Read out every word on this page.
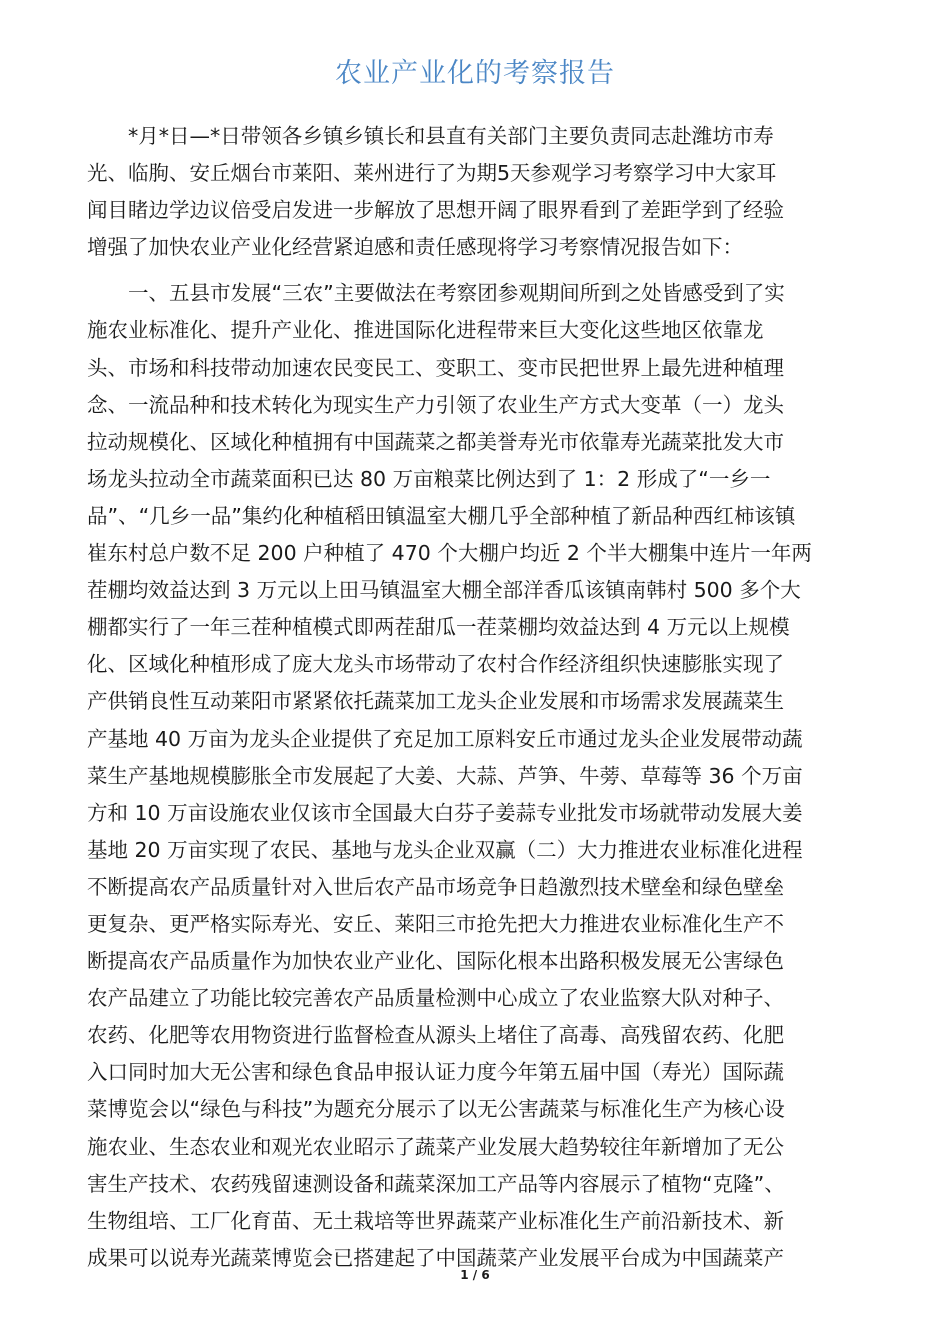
农业产业化的考察报告

*月*日—*日带领各乡镇乡镇长和县直有关部门主要负责同志赴潍坊市寿
光、临朐、安丘烟台市莱阳、莱州进行了为期5天参观学习考察学习中大家耳
闻目睹边学边议倍受启发进一步解放了思想开阔了眼界看到了差距学到了经验
增强了加快农业产业化经营紧迫感和责任感现将学习考察情况报告如下：

一、五县市发展“三农”主要做法在考察团参观期间所到之处皆感受到了实
施农业标准化、提升产业化、推进国际化进程带来巨大变化这些地区依靠龙
头、市场和科技带动加速农民变民工、变职工、变市民把世界上最先进种植理
念、一流品种和技术转化为现实生产力引领了农业生产方式大变革（一）龙头
拉动规模化、区域化种植拥有中国蔬菜之都美誉寿光市依靠寿光蔬菜批发大市
场龙头拉动全市蔬菜面积已达 80 万亩粮菜比例达到了 1：2 形成了“一乡一
品”、“几乡一品”集约化种植稻田镇温室大棚几乎全部种植了新品种西红柿该镇
崔东村总户数不足 200 户种植了 470 个大棚户均近 2 个半大棚集中连片一年两
茬棚均效益达到 3 万元以上田马镇温室大棚全部洋香瓜该镇南韩村 500 多个大
棚都实行了一年三茬种植模式即两茬甜瓜一茬菜棚均效益达到 4 万元以上规模
化、区域化种植形成了庞大龙头市场带动了农村合作经济组织快速膨胀实现了
产供销良性互动莱阳市紧紧依托蔬菜加工龙头企业发展和市场需求发展蔬菜生
产基地 40 万亩为龙头企业提供了充足加工原料安丘市通过龙头企业发展带动蔬
菜生产基地规模膨胀全市发展起了大姜、大蒜、芦笋、牛蒡、草莓等 36 个万亩
方和 10 万亩设施农业仅该市全国最大白芬子姜蒜专业批发市场就带动发展大姜
基地 20 万亩实现了农民、基地与龙头企业双赢（二）大力推进农业标准化进程
不断提高农产品质量针对入世后农产品市场竞争日趋激烈技术壁垒和绿色壁垒
更复杂、更严格实际寿光、安丘、莱阳三市抢先把大力推进农业标准化生产不
断提高农产品质量作为加快农业产业化、国际化根本出路积极发展无公害绿色
农产品建立了功能比较完善农产品质量检测中心成立了农业监察大队对种子、
农药、化肥等农用物资进行监督检查从源头上堵住了高毒、高残留农药、化肥
入口同时加大无公害和绿色食品申报认证力度今年第五届中国（寿光）国际蔬
菜博览会以“绿色与科技”为题充分展示了以无公害蔬菜与标准化生产为核心设
施农业、生态农业和观光农业昭示了蔬菜产业发展大趋势较往年新增加了无公
害生产技术、农药残留速测设备和蔬菜深加工产品等内容展示了植物“克隆”、
生物组培、工厂化育苗、无土栽培等世界蔬菜产业标准化生产前沿新技术、新
成果可以说寿光蔬菜博览会已搭建起了中国蔬菜产业发展平台成为中国蔬菜产

1 / 6
